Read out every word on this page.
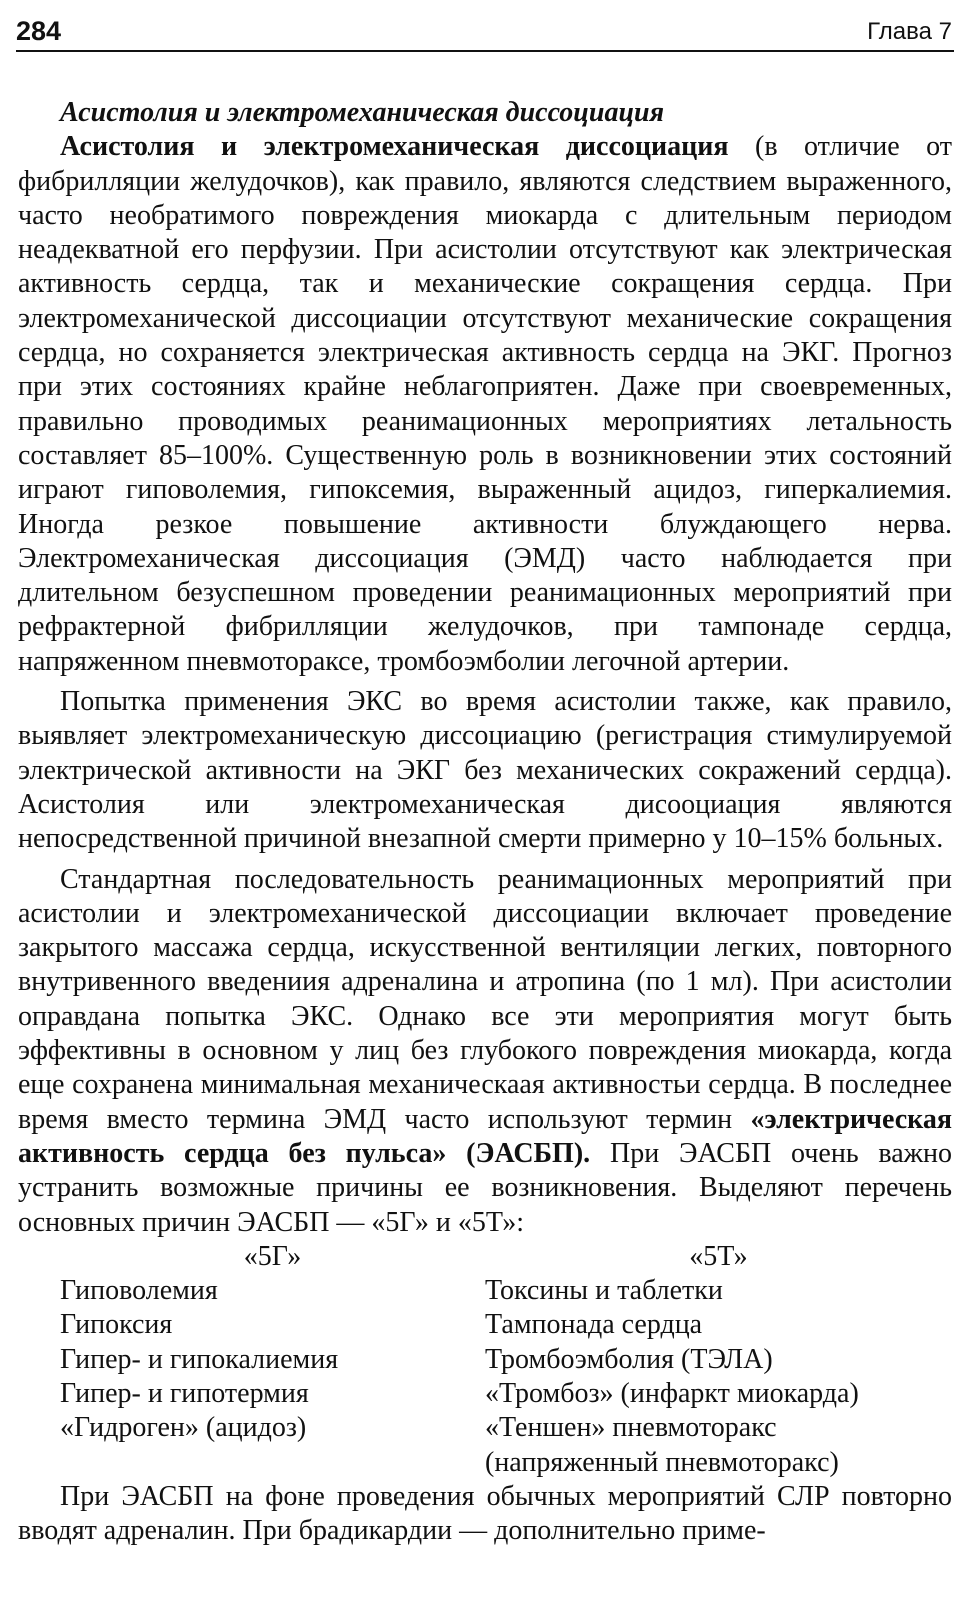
284	Глава 7
Асистолия и электромеханическая диссоциация

Асистолия и электромеханическая диссоциация (в отличие от фибрилляции желудочков), как правило, являются следствием выраженного, часто необратимого повреждения миокарда с длительным периодом неадекватной его перфузии. При асистолии отсутствуют как электрическая активность сердца, так и механические сокращения сердца. При электромеханической диссоциации отсутствуют механические сокращения сердца, но сохраняется электрическая активность сердца на ЭКГ. Прогноз при этих состояниях крайне неблагоприятен. Даже при своевременных, правильно проводимых реанимационных мероприятиях летальность составляет 85–100%. Существенную роль в возникновении этих состояний играют гиповолемия, гипоксемия, выраженный ацидоз, гиперкалиемия. Иногда резкое повышение активности блуждающего нерва. Электромеханическая диссоциация (ЭМД) часто наблюдается при длительном безуспешном проведении реанимационных мероприятий при рефрактерной фибрилляции желудочков, при тампонаде сердца, напряженном пневмотораксе, тромбоэмболии легочной артерии.

Попытка применения ЭКС во время асистолии также, как правило, выявляет электромеханическую диссоциацию (регистрация стимулируемой электрической активности на ЭКГ без механических сокражений сердца). Асистолия или электромеханическая дисооциация являются непосредственной причиной внезапной смерти примерно у 10–15% больных.

Стандартная последовательность реанимационных мероприятий при асистолии и электромеханической диссоциации включает проведение закрытого массажа сердца, искусственной вентиляции легких, повторного внутривенного введениия адреналина и атропина (по 1 мл). При асистолии оправдана попытка ЭКС. Однако все эти мероприятия могут быть эффективны в основном у лиц без глубокого повреждения миокарда, когда еще сохранена минимальная механическаая активностьи сердца. В последнее время вместо термина ЭМД часто используют термин «электрическая активность сердца без пульса» (ЭАСБП). При ЭАСБП очень важно устранить возможные причины ее возникновения. Выделяют перечень основных причин ЭАСБП — «5Г» и «5Т»:

«5Г»
Гиповолемия
Гипоксия
Гипер- и гипокалиемия
Гипер- и гипотермия
«Гидроген» (ацидоз)
«5Т»
Токсины и таблетки
Тампонада сердца
Тромбоэмболия (ТЭЛА)
«Тромбоз» (инфаркт миокарда)
«Теншен» пневмоторакс
(напряженный пневмоторакс)

При ЭАСБП на фоне проведения обычных мероприятий СЛР повторно вводят адреналин. При брадикардии — дополнительно приме-
